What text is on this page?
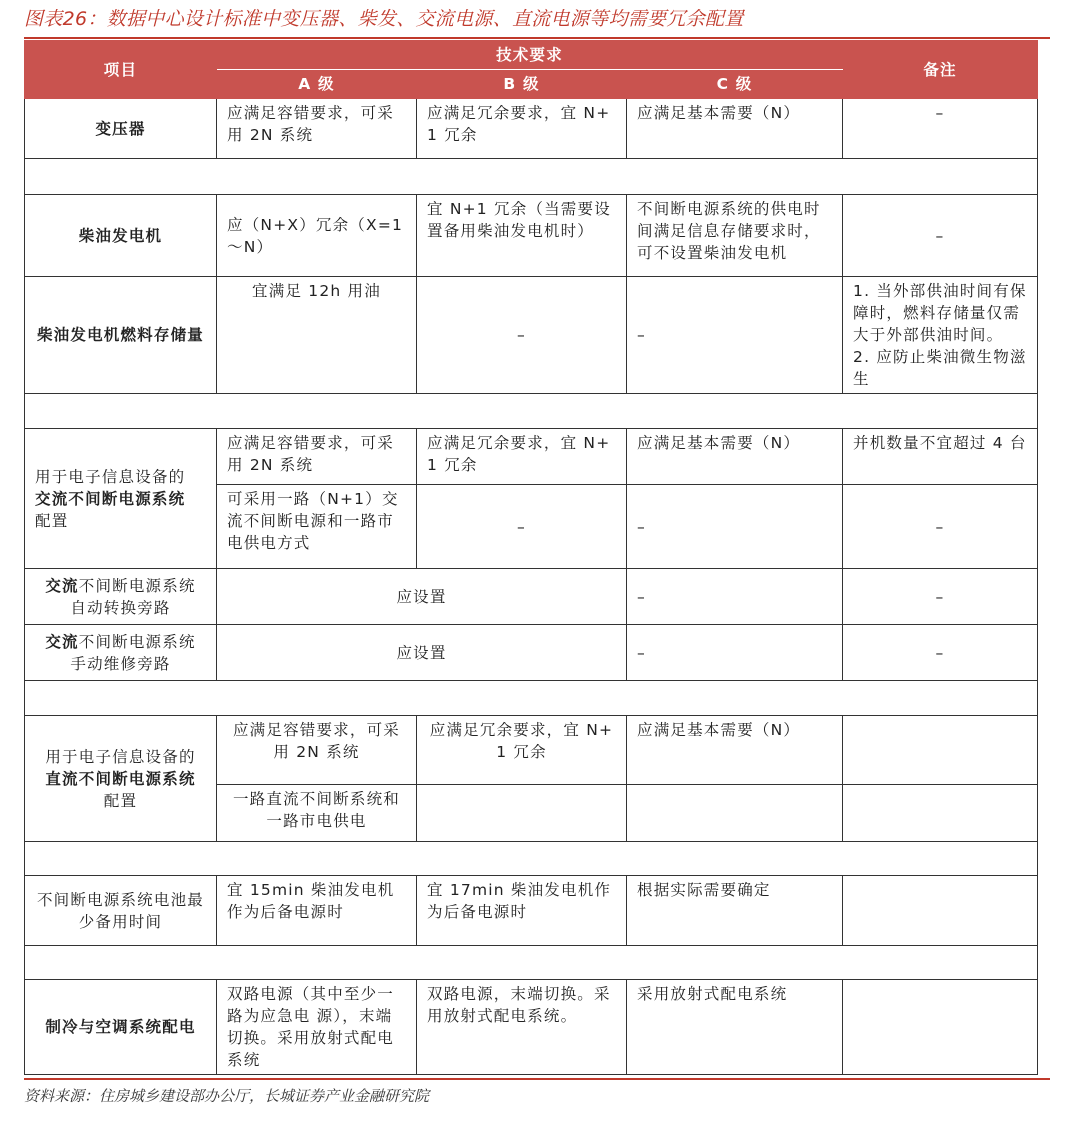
图表26：数据中心设计标准中变压器、柴发、交流电源、直流电源等均需要冗余配置
项目	技术要求			备注
	A 级	B 级	C 级	
变压器	应满足容错要求，可采用 2N 系统	应满足冗余要求，宜 N+1 冗余	应满足基本需要（N）	–

柴油发电机	应（N+X）冗余（X=1～N）	宜 N+1 冗余（当需要设置备用柴油发电机时）	不间断电源系统的供电时间满足信息存储要求时，可不设置柴油发电机	–
柴油发电机燃料存储量	宜满足 12h 用油	–	–	1. 当外部供油时间有保障时，燃料存储量仅需大于外部供油时间。
2. 应防止柴油微生物滋生

用于电子信息设备的
交流不间断电源系统
配置	应满足容错要求，可采用 2N 系统	应满足冗余要求，宜 N+1 冗余	应满足基本需要（N）	并机数量不宜超过 4 台
	可采用一路（N+1）交流不间断电源和一路市电供电方式	–	–	–

交流不间断电源系统
自动转换旁路	应设置		–	–

交流不间断电源系统
手动维修旁路	应设置		–	–

用于电子信息设备的
直流不间断电源系统
配置	应满足容错要求，可采用 2N 系统	应满足冗余要求，宜 N+1 冗余	应满足基本需要（N）	
	一路直流不间断系统和一路市电供电			

不间断电源系统电池最少备用时间	宜 15min 柴油发电机作为后备电源时	宜 17min 柴油发电机作为后备电源时	根据实际需要确定	

制冷与空调系统配电	双路电源（其中至少一路为应急电 源），末端切换。采用放射式配电系统	双路电源，末端切换。采用放射式配电系统。	采用放射式配电系统	
资料来源：住房城乡建设部办公厅，长城证券产业金融研究院
